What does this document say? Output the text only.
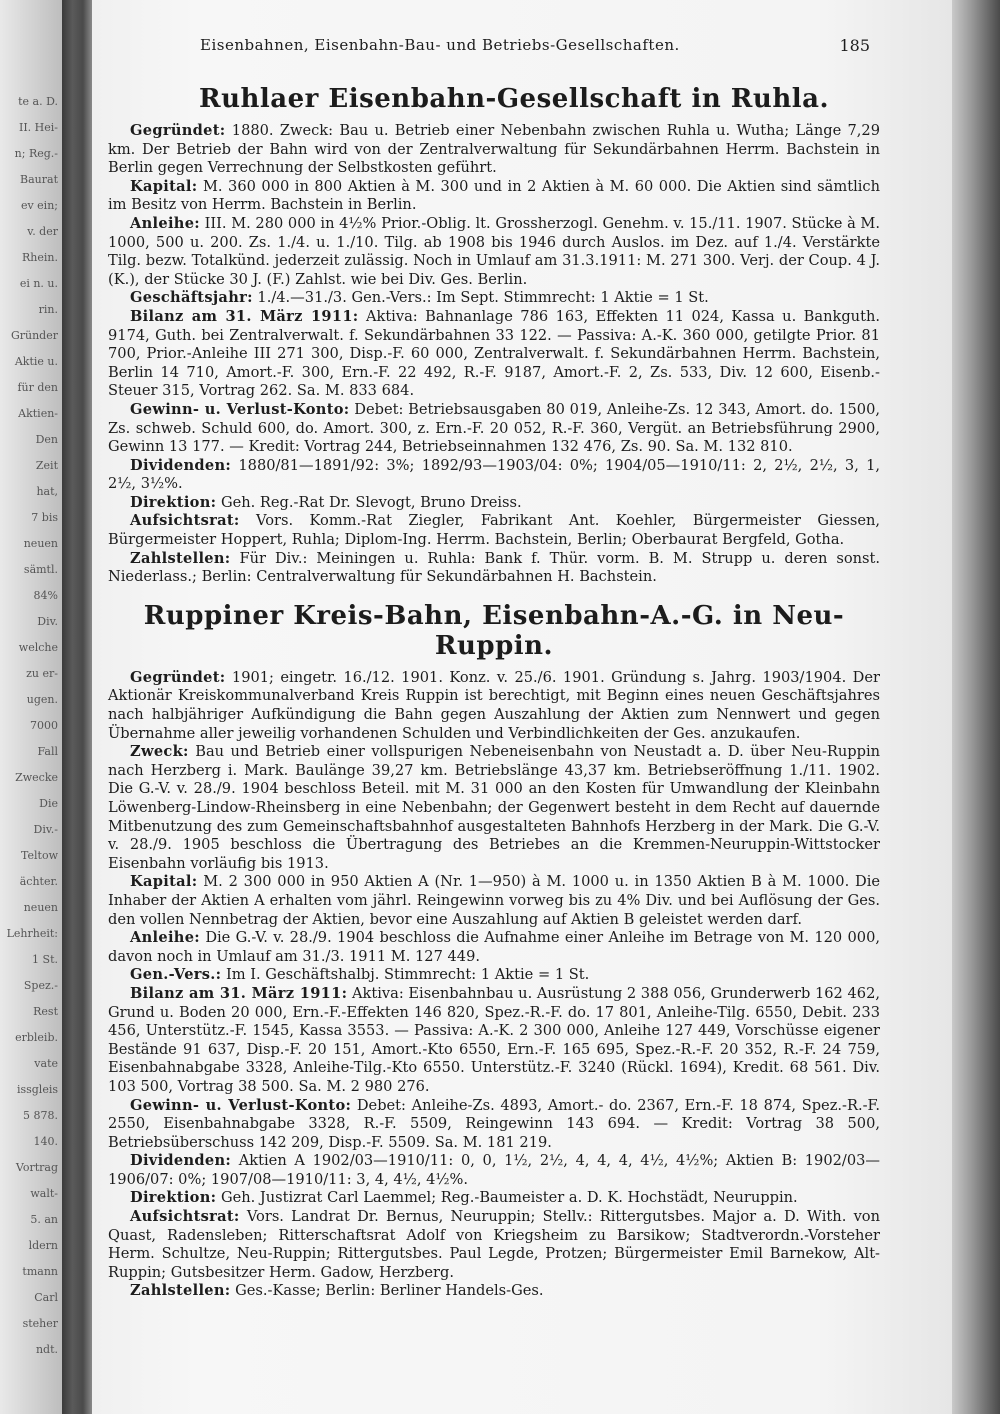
te a. D.
II. Hei-
n; Reg.-
Baurat
ev ein;
v. der
Rhein.
ei n. u.
rin.
Gründer
Aktie u.
für den
Aktien-
Den
Zeit
hat,
7 bis
neuen
sämtl.
84%
Div.
welche
zu er-
ugen.
7000
Fall
Zwecke
Die
Div.-
Teltow
ächter.
neuen
Lehrheit:
1 St.
Spez.-
Rest
erbleib.
vate
issgleis
5 878.
140.
Vortrag
walt-
5. an
ldern
tmann
Carl
steher
ndt.
Eisenbahnen, Eisenbahn-Bau- und Betriebs-Gesellschaften.	185
Ruhlaer Eisenbahn-Gesellschaft in Ruhla.

Gegründet: 1880. Zweck: Bau u. Betrieb einer Nebenbahn zwischen Ruhla u. Wutha; Länge 7,29 km. Der Betrieb der Bahn wird von der Zentralverwaltung für Sekundärbahnen Herrm. Bachstein in Berlin gegen Verrechnung der Selbstkosten geführt.

Kapital: M. 360 000 in 800 Aktien à M. 300 und in 2 Aktien à M. 60 000. Die Aktien sind sämtlich im Besitz von Herrm. Bachstein in Berlin.

Anleihe: III. M. 280 000 in 4½% Prior.-Oblig. lt. Grossherzogl. Genehm. v. 15./11. 1907. Stücke à M. 1000, 500 u. 200. Zs. 1./4. u. 1./10. Tilg. ab 1908 bis 1946 durch Auslos. im Dez. auf 1./4. Verstärkte Tilg. bezw. Totalkünd. jederzeit zulässig. Noch in Umlauf am 31.3.1911: M. 271 300. Verj. der Coup. 4 J. (K.), der Stücke 30 J. (F.) Zahlst. wie bei Div. Ges. Berlin.

Geschäftsjahr: 1./4.—31./3. Gen.-Vers.: Im Sept. Stimmrecht: 1 Aktie = 1 St.

Bilanz am 31. März 1911: Aktiva: Bahnanlage 786 163, Effekten 11 024, Kassa u. Bankguth. 9174, Guth. bei Zentralverwalt. f. Sekundärbahnen 33 122. — Passiva: A.-K. 360 000, getilgte Prior. 81 700, Prior.-Anleihe III 271 300, Disp.-F. 60 000, Zentralverwalt. f. Sekundärbahnen Herrm. Bachstein, Berlin 14 710, Amort.-F. 300, Ern.-F. 22 492, R.-F. 9187, Amort.-F. 2, Zs. 533, Div. 12 600, Eisenb.-Steuer 315, Vortrag 262. Sa. M. 833 684.

Gewinn- u. Verlust-Konto: Debet: Betriebsausgaben 80 019, Anleihe-Zs. 12 343, Amort. do. 1500, Zs. schweb. Schuld 600, do. Amort. 300, z. Ern.-F. 20 052, R.-F. 360, Vergüt. an Betriebsführung 2900, Gewinn 13 177. — Kredit: Vortrag 244, Betriebseinnahmen 132 476, Zs. 90. Sa. M. 132 810.

Dividenden: 1880/81—1891/92: 3%; 1892/93—1903/04: 0%; 1904/05—1910/11: 2, 2½, 2½, 3, 1, 2½, 3½%.

Direktion: Geh. Reg.-Rat Dr. Slevogt, Bruno Dreiss.

Aufsichtsrat: Vors. Komm.-Rat Ziegler, Fabrikant Ant. Koehler, Bürgermeister Giessen, Bürgermeister Hoppert, Ruhla; Diplom-Ing. Herrm. Bachstein, Berlin; Oberbaurat Bergfeld, Gotha.

Zahlstellen: Für Div.: Meiningen u. Ruhla: Bank f. Thür. vorm. B. M. Strupp u. deren sonst. Niederlass.; Berlin: Centralverwaltung für Sekundärbahnen H. Bachstein.

Ruppiner Kreis-Bahn, Eisenbahn-A.-G. in Neu-Ruppin.

Gegründet: 1901; eingetr. 16./12. 1901. Konz. v. 25./6. 1901. Gründung s. Jahrg. 1903/1904. Der Aktionär Kreiskommunalverband Kreis Ruppin ist berechtigt, mit Beginn eines neuen Geschäftsjahres nach halbjähriger Aufkündigung die Bahn gegen Auszahlung der Aktien zum Nennwert und gegen Übernahme aller jeweilig vorhandenen Schulden und Verbindlichkeiten der Ges. anzukaufen.

Zweck: Bau und Betrieb einer vollspurigen Nebeneisenbahn von Neustadt a. D. über Neu-Ruppin nach Herzberg i. Mark. Baulänge 39,27 km. Betriebslänge 43,37 km. Betriebseröffnung 1./11. 1902. Die G.-V. v. 28./9. 1904 beschloss Beteil. mit M. 31 000 an den Kosten für Umwandlung der Kleinbahn Löwenberg-Lindow-Rheinsberg in eine Nebenbahn; der Gegenwert besteht in dem Recht auf dauernde Mitbenutzung des zum Gemeinschaftsbahnhof ausgestalteten Bahnhofs Herzberg in der Mark. Die G.-V. v. 28./9. 1905 beschloss die Übertragung des Betriebes an die Kremmen-Neuruppin-Wittstocker Eisenbahn vorläufig bis 1913.

Kapital: M. 2 300 000 in 950 Aktien A (Nr. 1—950) à M. 1000 u. in 1350 Aktien B à M. 1000. Die Inhaber der Aktien A erhalten vom jährl. Reingewinn vorweg bis zu 4% Div. und bei Auflösung der Ges. den vollen Nennbetrag der Aktien, bevor eine Auszahlung auf Aktien B geleistet werden darf.

Anleihe: Die G.-V. v. 28./9. 1904 beschloss die Aufnahme einer Anleihe im Betrage von M. 120 000, davon noch in Umlauf am 31./3. 1911 M. 127 449.

Gen.-Vers.: Im I. Geschäftshalbj. Stimmrecht: 1 Aktie = 1 St.

Bilanz am 31. März 1911: Aktiva: Eisenbahnbau u. Ausrüstung 2 388 056, Grunderwerb 162 462, Grund u. Boden 20 000, Ern.-F.-Effekten 146 820, Spez.-R.-F. do. 17 801, Anleihe-Tilg. 6550, Debit. 233 456, Unterstütz.-F. 1545, Kassa 3553. — Passiva: A.-K. 2 300 000, Anleihe 127 449, Vorschüsse eigener Bestände 91 637, Disp.-F. 20 151, Amort.-Kto 6550, Ern.-F. 165 695, Spez.-R.-F. 20 352, R.-F. 24 759, Eisenbahnabgabe 3328, Anleihe-Tilg.-Kto 6550. Unterstütz.-F. 3240 (Rückl. 1694), Kredit. 68 561. Div. 103 500, Vortrag 38 500. Sa. M. 2 980 276.

Gewinn- u. Verlust-Konto: Debet: Anleihe-Zs. 4893, Amort.- do. 2367, Ern.-F. 18 874, Spez.-R.-F. 2550, Eisenbahnabgabe 3328, R.-F. 5509, Reingewinn 143 694. — Kredit: Vortrag 38 500, Betriebsüberschuss 142 209, Disp.-F. 5509. Sa. M. 181 219.

Dividenden: Aktien A 1902/03—1910/11: 0, 0, 1½, 2½, 4, 4, 4, 4½, 4½%; Aktien B: 1902/03—1906/07: 0%; 1907/08—1910/11: 3, 4, 4½, 4½%.

Direktion: Geh. Justizrat Carl Laemmel; Reg.-Baumeister a. D. K. Hochstädt, Neuruppin.

Aufsichtsrat: Vors. Landrat Dr. Bernus, Neuruppin; Stellv.: Rittergutsbes. Major a. D. With. von Quast, Radensleben; Ritterschaftsrat Adolf von Kriegsheim zu Barsikow; Stadtverordn.-Vorsteher Herm. Schultze, Neu-Ruppin; Rittergutsbes. Paul Legde, Protzen; Bürgermeister Emil Barnekow, Alt-Ruppin; Gutsbesitzer Herm. Gadow, Herzberg.

Zahlstellen: Ges.-Kasse; Berlin: Berliner Handels-Ges.
